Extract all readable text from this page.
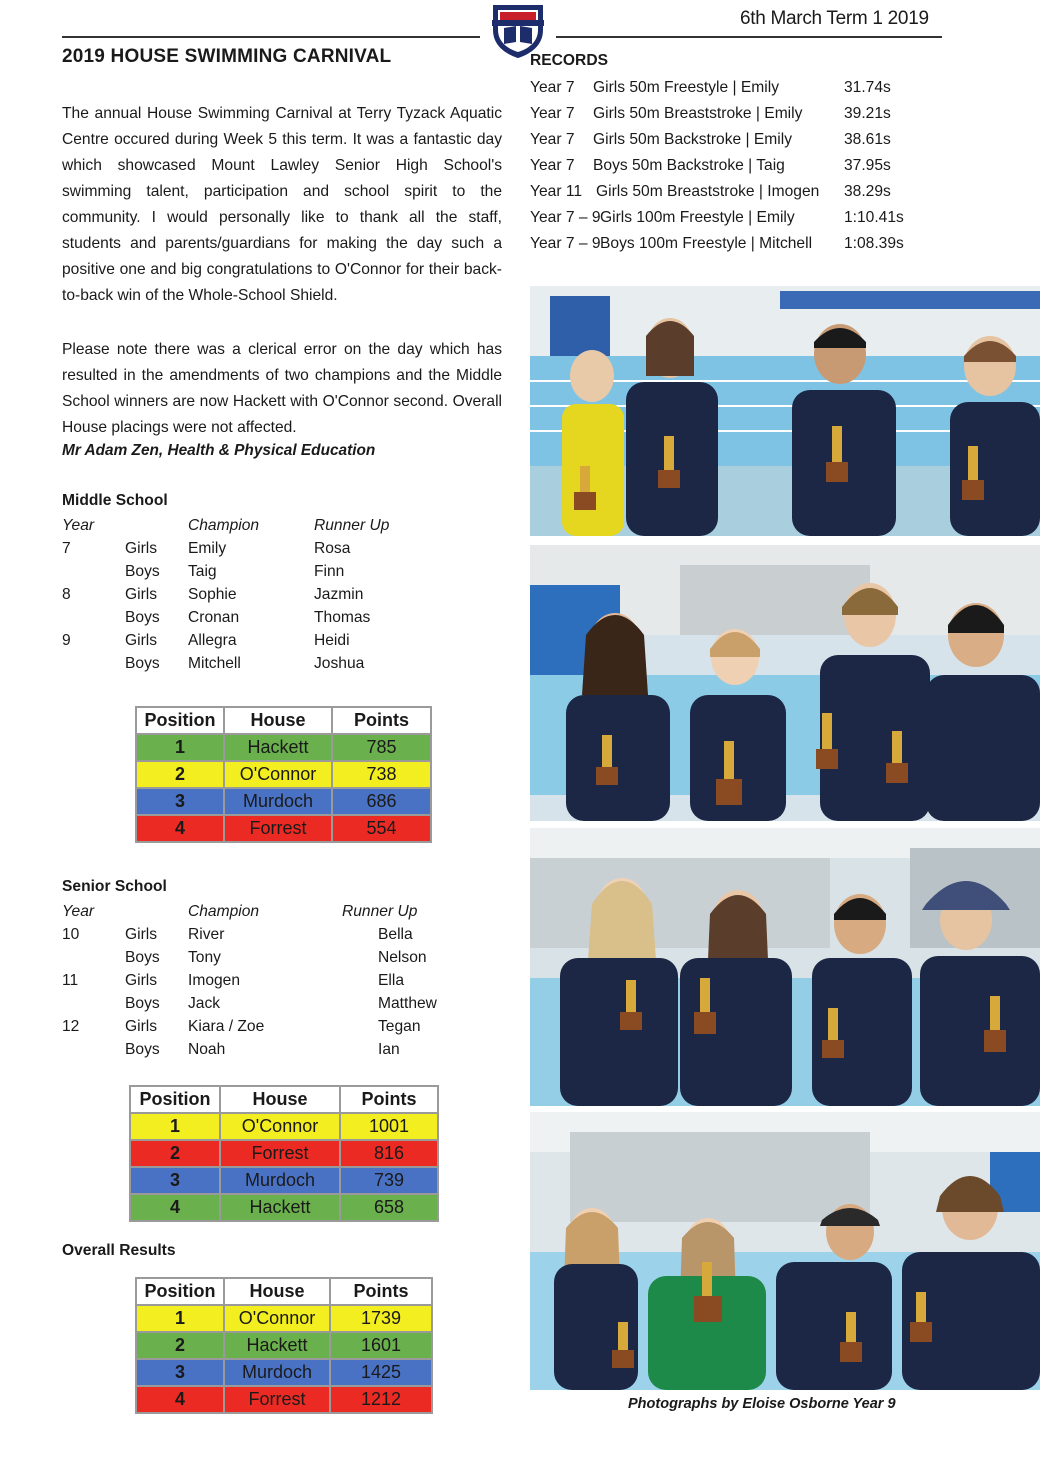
6th March Term 1 2019
2019 HOUSE SWIMMING CARNIVAL
The annual House Swimming Carnival at Terry Tyzack Aquatic Centre occured during Week 5 this term. It was a fantastic day which showcased Mount Lawley Senior High School's swimming talent, participation and school spirit to the community. I would personally like to thank all the staff, students and parents/guardians for making the day such a positive one and big congratulations to O'Connor for their back-to-back win of the Whole-School Shield.
Please note there was a clerical error on the day which has resulted in the amendments of two champions and the Middle School winners are now Hackett with O'Connor second. Overall House placings were not affected.
Mr Adam Zen, Health & Physical Education
Middle School
Year	Champion	Runner Up
7	Girls Emily	Rosa
Boys Taig	Finn
8	Girls Sophie	Jazmin
Boys Cronan	Thomas
9	Girls Allegra	Heidi
Boys Mitchell	Joshua
Position	House	Points
1	Hackett	785
2	O'Connor	738
3	Murdoch	686
4	Forrest	554
Senior School
Year	Champion	Runner Up
10	Girls River	Bella
Boys Tony	Nelson
11	Girls Imogen	Ella
Boys Jack	Matthew
12	Girls Kiara / Zoe	Tegan
Boys Noah	Ian
Position	House	Points
1	O'Connor	1001
2	Forrest	816
3	Murdoch	739
4	Hackett	658
Overall Results
Position	House	Points
1	O'Connor	1739
2	Hackett	1601
3	Murdoch	1425
4	Forrest	1212
RECORDS
Year 7 Girls 50m Freestyle | Emily	31.74s
Year 7 Girls 50m Breaststroke | Emily	39.21s
Year 7 Girls 50m Backstroke | Emily	38.61s
Year 7 Boys 50m Backstroke | Taig	37.95s
Year 11 Girls 50m Breaststroke | Imogen 38.29s
Year 7 – 9 Girls 100m Freestyle | Emily	1:10.41s
Year 7 – 9 Boys 100m Freestyle | Mitchell 1:08.39s
Photographs by Eloise Osborne Year 9
